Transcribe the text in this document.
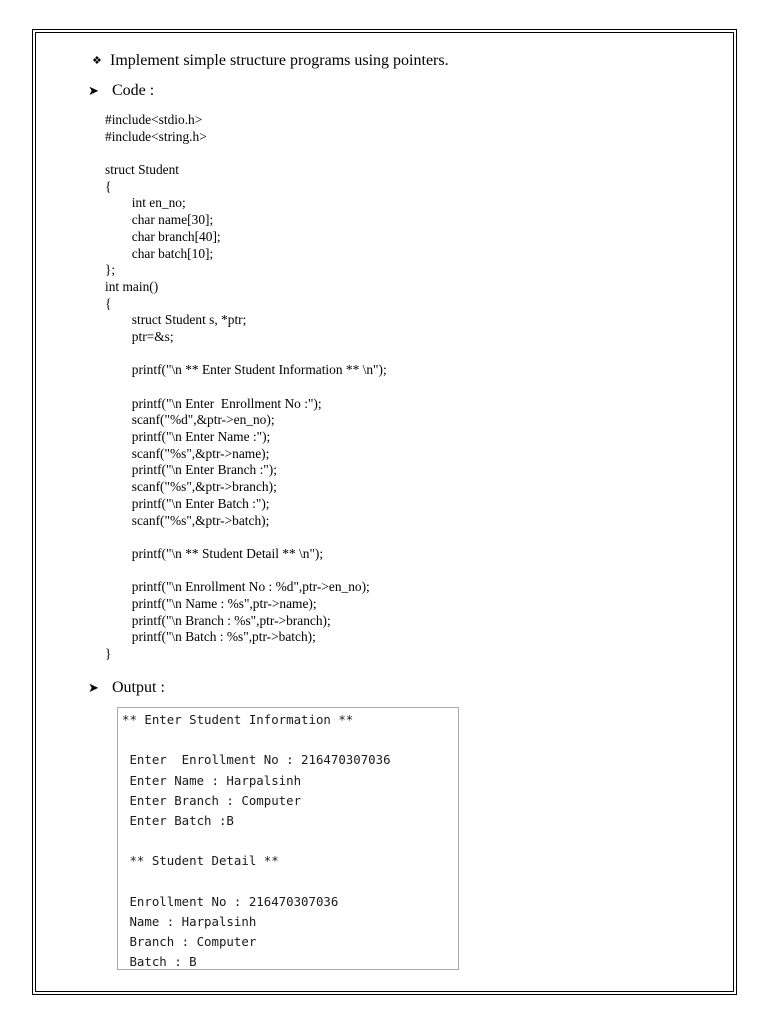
❖ Implement simple structure programs using pointers.
➤ Code :
#include<stdio.h>
#include<string.h>
struct Student
{
int en_no;
char name[30];
char branch[40];
char batch[10];
};
int main()
{
struct Student s, *ptr;
ptr=&s;
printf("\n ** Enter Student Information ** \n");
printf("\n Enter  Enrollment No :");
scanf("%d",&ptr->en_no);
printf("\n Enter Name :");
scanf("%s",&ptr->name);
printf("\n Enter Branch :");
scanf("%s",&ptr->branch);
printf("\n Enter Batch :");
scanf("%s",&ptr->batch);
printf("\n ** Student Detail ** \n");
printf("\n Enrollment No : %d",ptr->en_no);
printf("\n Name : %s",ptr->name);
printf("\n Branch : %s",ptr->branch);
printf("\n Batch : %s",ptr->batch);
}
➤ Output :
** Enter Student Information **
Enter  Enrollment No : 216470307036
Enter Name : Harpalsinh
Enter Branch : Computer
Enter Batch :B
** Student Detail **
Enrollment No : 216470307036
Name : Harpalsinh
Branch : Computer
Batch : B
